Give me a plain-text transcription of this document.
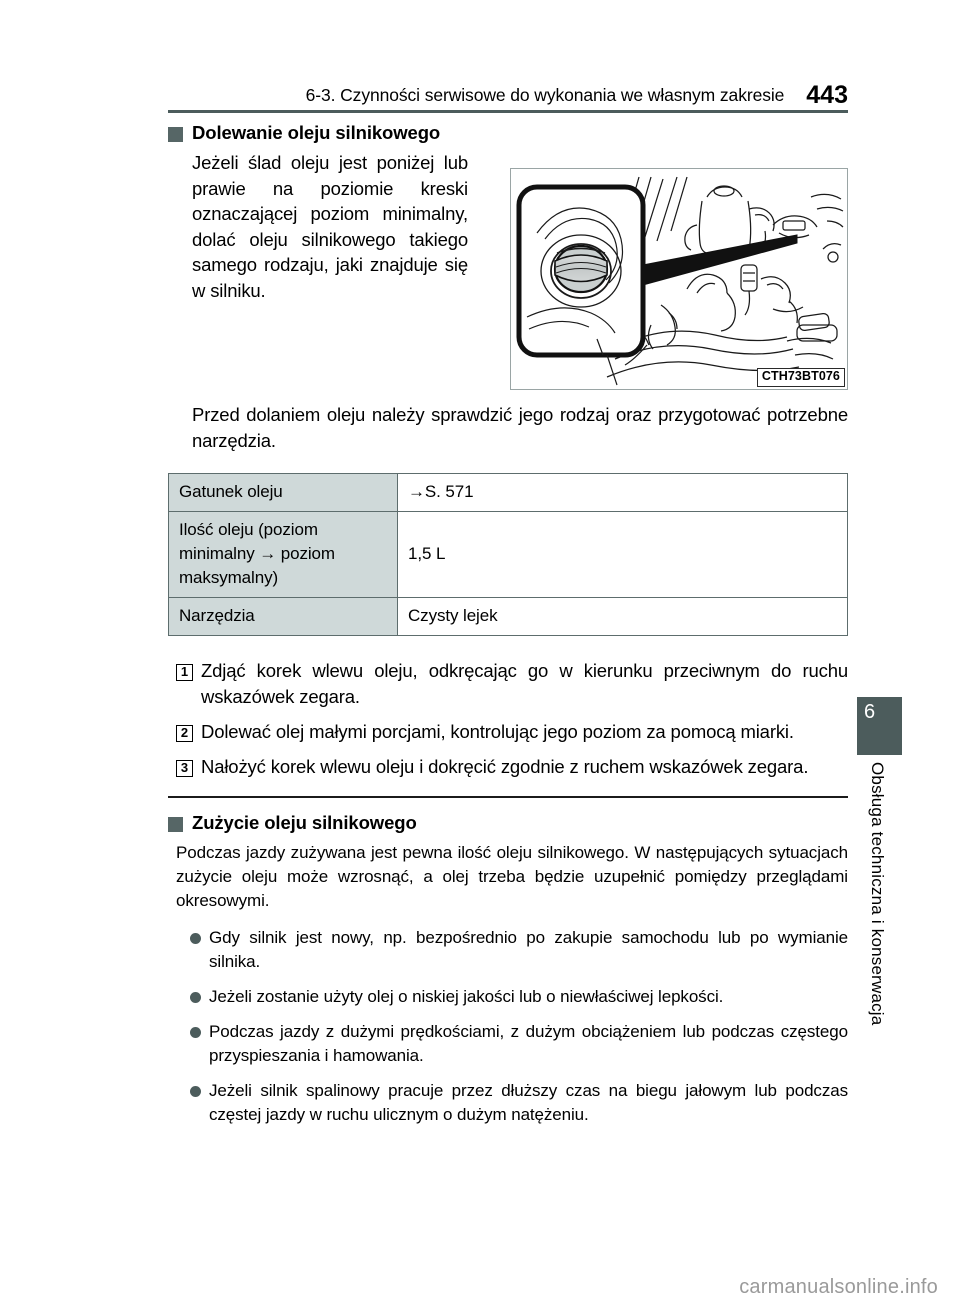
6-3. Czynności serwisowe do wykonania we własnym zakresie 443
Dolewanie oleju silnikowego

Jeżeli ślad oleju jest poniżej lub prawie na poziomie kreski oznaczającej poziom minimalny, dolać oleju silnikowego takiego samego rodzaju, jaki znajduje się w silniku.

CTH73BT076

Przed dolaniem oleju należy sprawdzić jego rodzaj oraz przygotować potrzebne narzędzia.

Gatunek oleju	→S. 571
Ilość oleju (poziom minimalny → poziom maksymalny)	1,5 L
Narzędzia	Czysty lejek
1 Zdjąć korek wlewu oleju, odkręcając go w kierunku przeciwnym do ruchu wskazówek zegara.
2 Dolewać olej małymi porcjami, kontrolując jego poziom za pomocą miarki.
3 Nałożyć korek wlewu oleju i dokręcić zgodnie z ruchem wskazówek zegara.
Zużycie oleju silnikowego

Podczas jazdy zużywana jest pewna ilość oleju silnikowego. W następujących sytuacjach zużycie oleju może wzrosnąć, a olej trzeba będzie uzupełnić pomiędzy przeglądami okresowymi.

Gdy silnik jest nowy, np. bezpośrednio po zakupie samochodu lub po wymianie silnika.
Jeżeli zostanie użyty olej o niskiej jakości lub o niewłaściwej lepkości.
Podczas jazdy z dużymi prędkościami, z dużym obciążeniem lub podczas częstego przyspieszania i hamowania.
Jeżeli silnik spalinowy pracuje przez dłuższy czas na biegu jałowym lub podczas częstej jazdy w ruchu ulicznym o dużym natężeniu.
6
Obsługa techniczna i konserwacja
carmanualsonline.info
